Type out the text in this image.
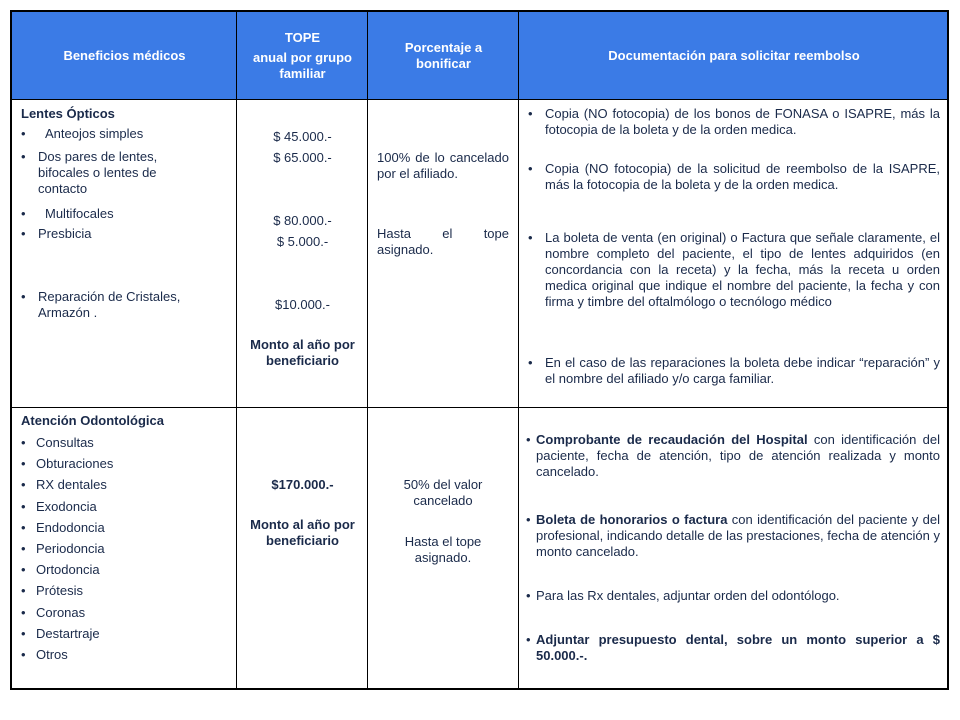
Beneficios médicos
TOPE
anual por grupo familiar
Porcentaje a bonificar
Documentación para solicitar reembolso
Lentes Ópticos
• Anteojos simples
• Dos pares de lentes, bifocales o lentes de contacto
• Multifocales
• Presbicia
• Reparación de Cristales, Armazón .
$ 45.000.-
$ 65.000.-
$ 80.000.-
$ 5.000.-
$10.000.-
Monto al año por beneficiario
100% de lo cancelado por el afiliado.
Hasta el tope asignado.
• Copia (NO fotocopia) de los bonos de FONASA o ISAPRE, más la fotocopia de la boleta y de la orden medica.
• Copia (NO fotocopia) de la solicitud de reembolso de la ISAPRE, más la fotocopia de la boleta y de la orden medica.
• La boleta de venta (en original) o Factura que señale claramente, el nombre completo del paciente, el tipo de lentes adquiridos (en concordancia con la receta) y la fecha, más la receta u orden medica original que indique el nombre del paciente, la fecha y con firma y timbre del oftalmólogo o tecnólogo médico
• En el caso de las reparaciones la boleta debe indicar “reparación” y el nombre del afiliado y/o carga familiar.
Atención Odontológica
• Consultas
• Obturaciones
• RX dentales
• Exodoncia
• Endodoncia
• Periodoncia
• Ortodoncia
• Prótesis
• Coronas
• Destartraje
• Otros
$170.000.-
Monto al año por beneficiario
50% del valor cancelado
Hasta el tope asignado.
• Comprobante de recaudación del Hospital con identificación del paciente, fecha de atención, tipo de atención realizada y monto cancelado.
• Boleta de honorarios o factura con identificación del paciente y del profesional, indicando detalle de las prestaciones, fecha de atención y monto cancelado.
• Para las Rx dentales, adjuntar orden del odontólogo.
• Adjuntar presupuesto dental, sobre un monto superior a $ 50.000.-.
